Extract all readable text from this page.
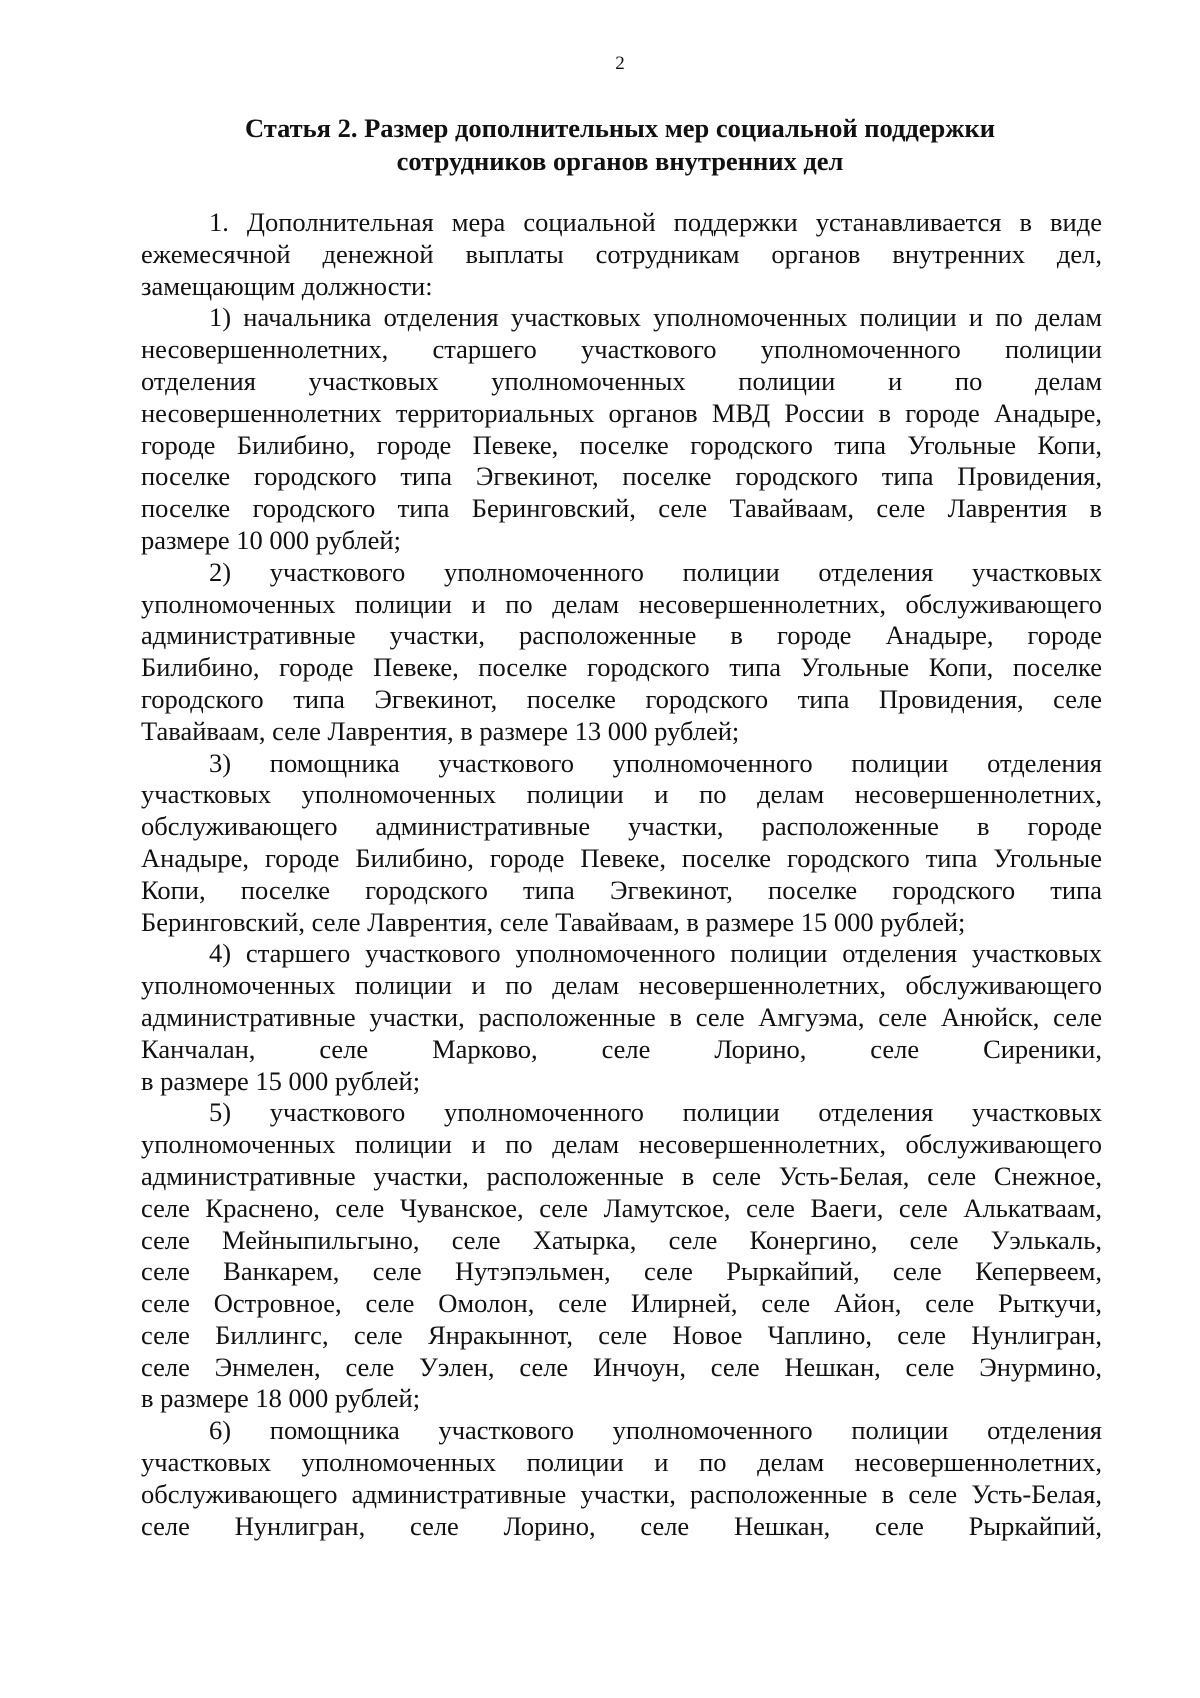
2
Статья 2. Размер дополнительных мер социальной поддержки
сотрудников органов внутренних дел
1. Дополнительная мера социальной поддержки устанавливается в виде
ежемесячной денежной выплаты сотрудникам органов внутренних дел,
замещающим должности:
1) начальника отделения участковых уполномоченных полиции и по делам
несовершеннолетних, старшего участкового уполномоченного полиции
отделения участковых уполномоченных полиции и по делам
несовершеннолетних территориальных органов МВД России в городе Анадыре,
городе Билибино, городе Певеке, поселке городского типа Угольные Копи,
поселке городского типа Эгвекинот, поселке городского типа Провидения,
поселке городского типа Беринговский, селе Тавайваам, селе Лаврентия в
размере 10 000 рублей;
2) участкового уполномоченного полиции отделения участковых
уполномоченных полиции и по делам несовершеннолетних, обслуживающего
административные участки, расположенные в городе Анадыре, городе
Билибино, городе Певеке, поселке городского типа Угольные Копи, поселке
городского типа Эгвекинот, поселке городского типа Провидения, селе
Тавайваам, селе Лаврентия, в размере 13 000 рублей;
3) помощника участкового уполномоченного полиции отделения
участковых уполномоченных полиции и по делам несовершеннолетних,
обслуживающего административные участки, расположенные в городе
Анадыре, городе Билибино, городе Певеке, поселке городского типа Угольные
Копи, поселке городского типа Эгвекинот, поселке городского типа
Беринговский, селе Лаврентия, селе Тавайваам, в размере 15 000 рублей;
4) старшего участкового уполномоченного полиции отделения участковых
уполномоченных полиции и по делам несовершеннолетних, обслуживающего
административные участки, расположенные в селе Амгуэма, селе Анюйск, селе
Канчалан, селе Марково, селе Лорино, селе Сиреники,
в размере 15 000 рублей;
5) участкового уполномоченного полиции отделения участковых
уполномоченных полиции и по делам несовершеннолетних, обслуживающего
административные участки, расположенные в селе Усть-Белая, селе Снежное,
селе Краснено, селе Чуванское, селе Ламутское, селе Ваеги, селе Алькатваам,
селе Мейныпильгыно, селе Хатырка, селе Конергино, селе Уэлькаль,
селе Ванкарем, селе Нутэпэльмен, селе Рыркайпий, селе Кепервеем,
селе Островное, селе Омолон, селе Илирней, селе Айон, селе Рыткучи,
селе Биллингс, селе Янракыннот, селе Новое Чаплино, селе Нунлигран,
селе Энмелен, селе Уэлен, селе Инчоун, селе Нешкан, селе Энурмино,
в размере 18 000 рублей;
6) помощника участкового уполномоченного полиции отделения
участковых уполномоченных полиции и по делам несовершеннолетних,
обслуживающего административные участки, расположенные в селе Усть-Белая,
селе Нунлигран, селе Лорино, селе Нешкан, селе Рыркайпий,
